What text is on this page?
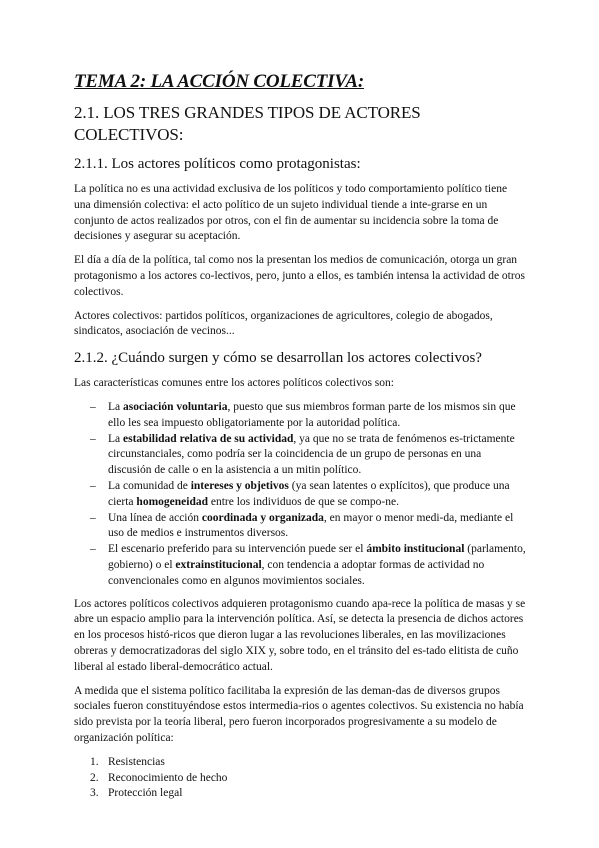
TEMA 2: LA ACCIÓN COLECTIVA:
2.1. LOS TRES GRANDES TIPOS DE ACTORES COLECTIVOS:
2.1.1. Los actores políticos como protagonistas:

La política no es una actividad exclusiva de los políticos y todo comportamiento político tiene una dimensión colectiva: el acto político de un sujeto individual tiende a inte-grarse en un conjunto de actos realizados por otros, con el fin de aumentar su incidencia sobre la toma de decisiones y asegurar su aceptación.

El día a día de la política, tal como nos la presentan los medios de comunicación, otorga un gran protagonismo a los actores co-lectivos, pero, junto a ellos, es también intensa la actividad de otros colectivos.

Actores colectivos: partidos políticos, organizaciones de agricultores, colegio de abogados, sindicatos, asociación de vecinos...

2.1.2. ¿Cuándo surgen y cómo se desarrollan los actores colectivos?

Las características comunes entre los actores políticos colectivos son:

– La asociación voluntaria, puesto que sus miembros forman parte de los mismos sin que ello les sea impuesto obligatoriamente por la autoridad política.
– La estabilidad relativa de su actividad, ya que no se trata de fenómenos es-trictamente circunstanciales, como podría ser la coincidencia de un grupo de personas en una discusión de calle o en la asistencia a un mitin político.
– La comunidad de intereses y objetivos (ya sean latentes o explícitos), que produce una cierta homogeneidad entre los individuos de que se compo-ne.
– Una línea de acción coordinada y organizada, en mayor o menor medi-da, mediante el uso de medios e instrumentos diversos.
– El escenario preferido para su intervención puede ser el ámbito institucional (parlamento, gobierno) o el extrainstitucional, con tendencia a adoptar formas de actividad no convencionales como en algunos movimientos sociales.

Los actores políticos colectivos adquieren protagonismo cuando apa-rece la política de masas y se abre un espacio amplio para la intervención política. Así, se detecta la presencia de dichos actores en los procesos histó-ricos que dieron lugar a las revoluciones liberales, en las movilizaciones obreras y democratizadoras del siglo XIX y, sobre todo, en el tránsito del es-tado elitista de cuño liberal al estado liberal-democrático actual.

A medida que el sistema político facilitaba la expresión de las deman-das de diversos grupos sociales fueron constituyéndose estos intermedia-rios o agentes colectivos. Su existencia no había sido prevista por la teoría liberal, pero fueron incorporados progresivamente a su modelo de organización política:

1. Resistencias
2. Reconocimiento de hecho
3. Protección legal
